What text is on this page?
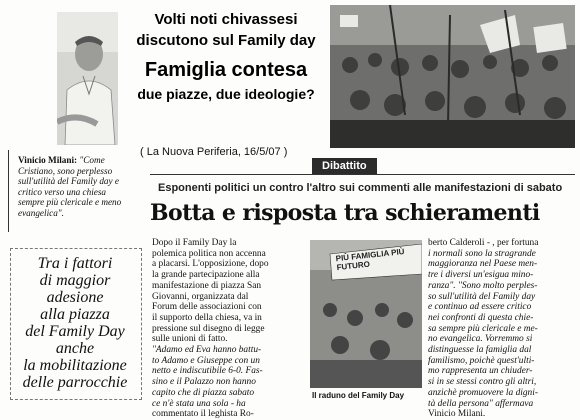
Volti noti chivassesi
discutono sul Family day
Famiglia contesa
due piazze, due ideologie?
( La Nuova Periferia, 16/5/07 )
Vinicio Milani: "Come Cristiano, sono perplesso sull'utilità del Family day e critico verso una chiesa sempre più clericale e meno evangelica".
Tra i fattori
di maggior
adesione
alla piazza
del Family Day
anche
la mobilitazione
delle parrocchie
Dibattito
Esponenti politici un contro l'altro sui commenti alle manifestazioni di sabato
Botta e risposta tra schieramenti

Dopo il Family Day la

polemica politica non accenna

a placarsi. L'opposizione, dopo

la grande partecipazione alla

manifestazione di piazza San

Giovanni, organizzata dal

Forum delle associazioni con

il supporto della chiesa, va in

pressione sul disegno di legge

sulle unioni di fatto.

"Adamo ed Eva hanno battu-

to Adamo e Giuseppe con un

netto e indiscutibile 6-0. Fas-

sino e il Palazzo non hanno

capito che di piazza sabato

ce n'è stata una sola - ha

commentato il leghista Ro-

PIÙ FAMIGLIA PIÙ FUTURO
Il raduno del Family Day

berto Calderoli - , per fortuna

i normali sono la stragrande

maggioranza nel Paese men-

tre i diversi un'esigua mino-

ranza". "Sono molto perples-

so sull'utilità del Family day

e continuo ad essere critico

nei confronti di questa chie-

sa sempre più clericale e me-

no evangelica. Vorremmo si

distinguesse la famiglia dal

familismo, poichè quest'ulti-

mo rappresenta un chiuder-

si in se stessi contro gli altri,

anzichè promuovere la digni-

tà della persona" affermava

Vinicio Milani.
